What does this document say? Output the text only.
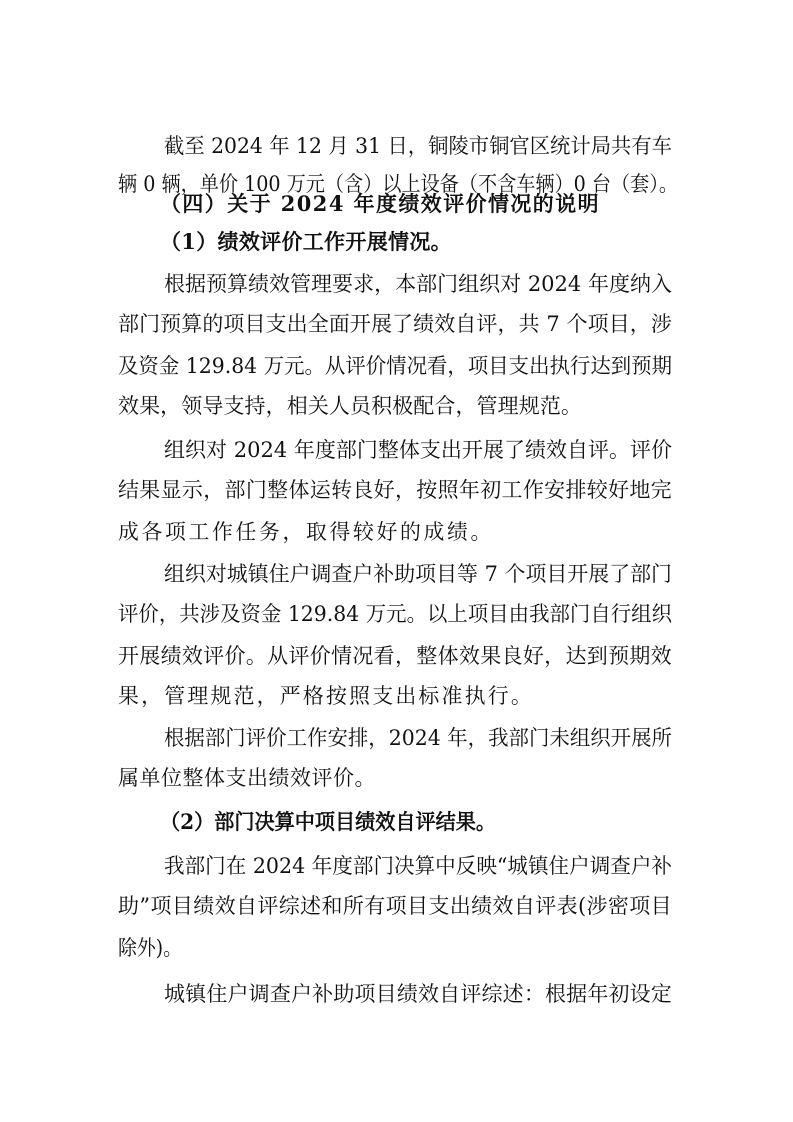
截至 2024 年 12 月 31 日，铜陵市铜官区统计局共有车
辆 0 辆，单价 100 万元（含）以上设备（不含车辆）0 台（套）。
（四）关于 2024 年度绩效评价情况的说明
（1）绩效评价工作开展情况。
根据预算绩效管理要求，本部门组织对 2024 年度纳入
部门预算的项目支出全面开展了绩效自评，共 7 个项目，涉
及资金 129.84 万元。从评价情况看，项目支出执行达到预期
效果，领导支持，相关人员积极配合，管理规范。
组织对 2024 年度部门整体支出开展了绩效自评。评价
结果显示，部门整体运转良好，按照年初工作安排较好地完
成各项工作任务，取得较好的成绩。
组织对城镇住户调查户补助项目等 7 个项目开展了部门
评价，共涉及资金 129.84 万元。以上项目由我部门自行组织
开展绩效评价。从评价情况看，整体效果良好，达到预期效
果，管理规范，严格按照支出标准执行。
根据部门评价工作安排，2024 年，我部门未组织开展所
属单位整体支出绩效评价。
（2）部门决算中项目绩效自评结果。
我部门在 2024 年度部门决算中反映“城镇住户调查户补
助”项目绩效自评综述和所有项目支出绩效自评表(涉密项目
除外)。
城镇住户调查户补助项目绩效自评综述：根据年初设定
